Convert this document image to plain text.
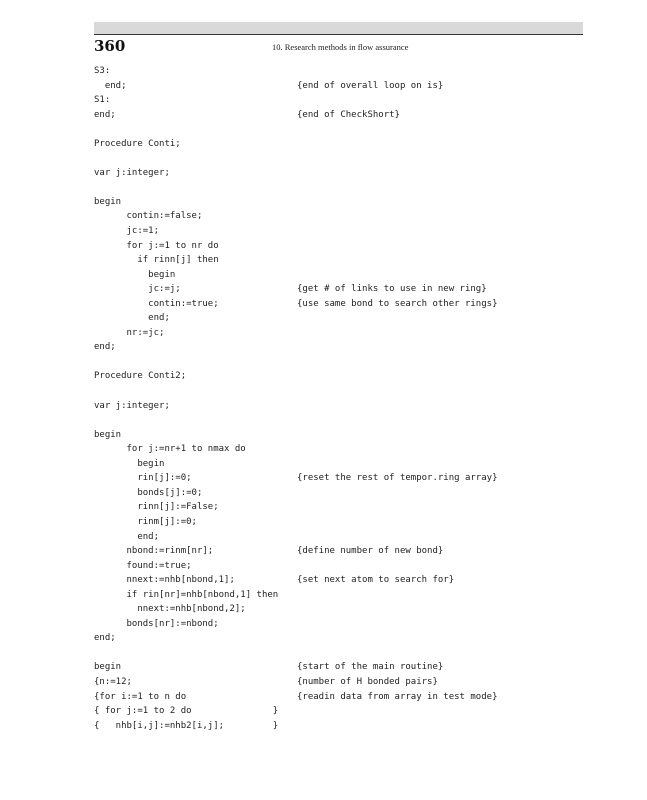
360	10. Research methods in flow assurance
S3:
end;	{end of overall loop on is}
S1:
end;	{end of CheckShort}
Procedure Conti;
var j:integer;
begin
contin:=false;
jc:=1;
for j:=1 to nr do
if rinn[j] then
begin
jc:=j;	{get # of links to use in new ring}
contin:=true;	{use same bond to search other rings}
end;
nr:=jc;
end;
Procedure Conti2;
var j:integer;
begin
for j:=nr+1 to nmax do
begin
rin[j]:=0;	{reset the rest of tempor.ring array}
bonds[j]:=0;
rinn[j]:=False;
rinm[j]:=0;
end;
nbond:=rinm[nr];	{define number of new bond}
found:=true;
nnext:=nhb[nbond,1];	{set next atom to search for}
if rin[nr]=nhb[nbond,1] then
nnext:=nhb[nbond,2];
bonds[nr]:=nbond;
end;
begin	{start of the main routine}
{n:=12;	{number of H bonded pairs}
{for i:=1 to n do	{readin data from array in test mode}
{ for j:=1 to 2 do               }
{   nhb[i,j]:=nhb2[i,j];         }
